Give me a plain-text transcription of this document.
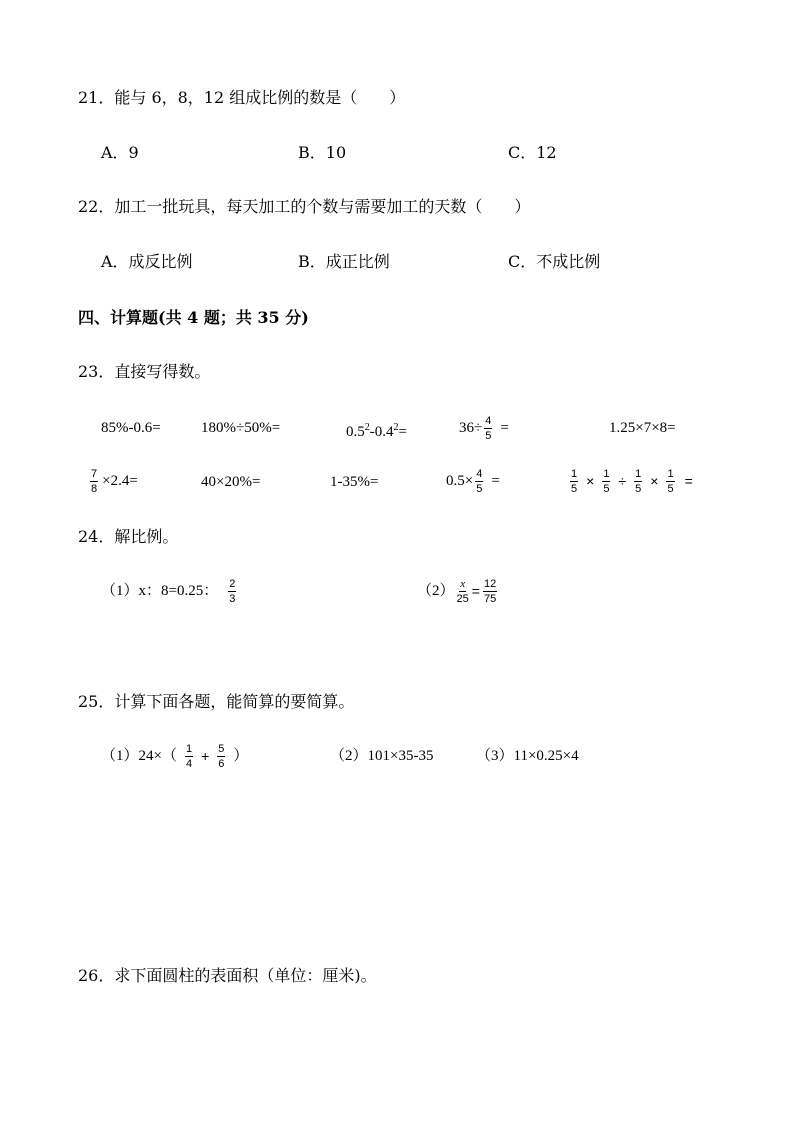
21．能与 6，8，12 组成比例的数是（　　）
A．9	B．10	C．12
22．加工一批玩具，每天加工的个数与需要加工的天数（　　）
A．成反比例	B．成正比例	C．不成比例
四、计算题(共 4 题；共 35 分)
23．直接写得数。
85%-0.6=	180%÷50%=	$0.5^2-0.4^2=$	$36\div \frac{4}{5}$ =	1.25×7×8=
$\frac{7}{8} \times 2.4=$	40×20%=	1-35%=	$0.5\times \frac{4}{5}$ =	$\frac{1}{5} \times \frac{1}{5} \div \frac{1}{5} \times \frac{1}{5}$ =
24．解比例。
（1）x：8=0.25： $\frac{2}{3}$	$(2) \frac{x}{25} = \frac{12}{75}$
25．计算下面各题，能简算的要简算。
$(1)24\times( \frac{1}{4} + \frac{5}{6}$ ）	（2）101×35-35	（3）11×0.25×4
26．求下面圆柱的表面积（单位：厘米)。
